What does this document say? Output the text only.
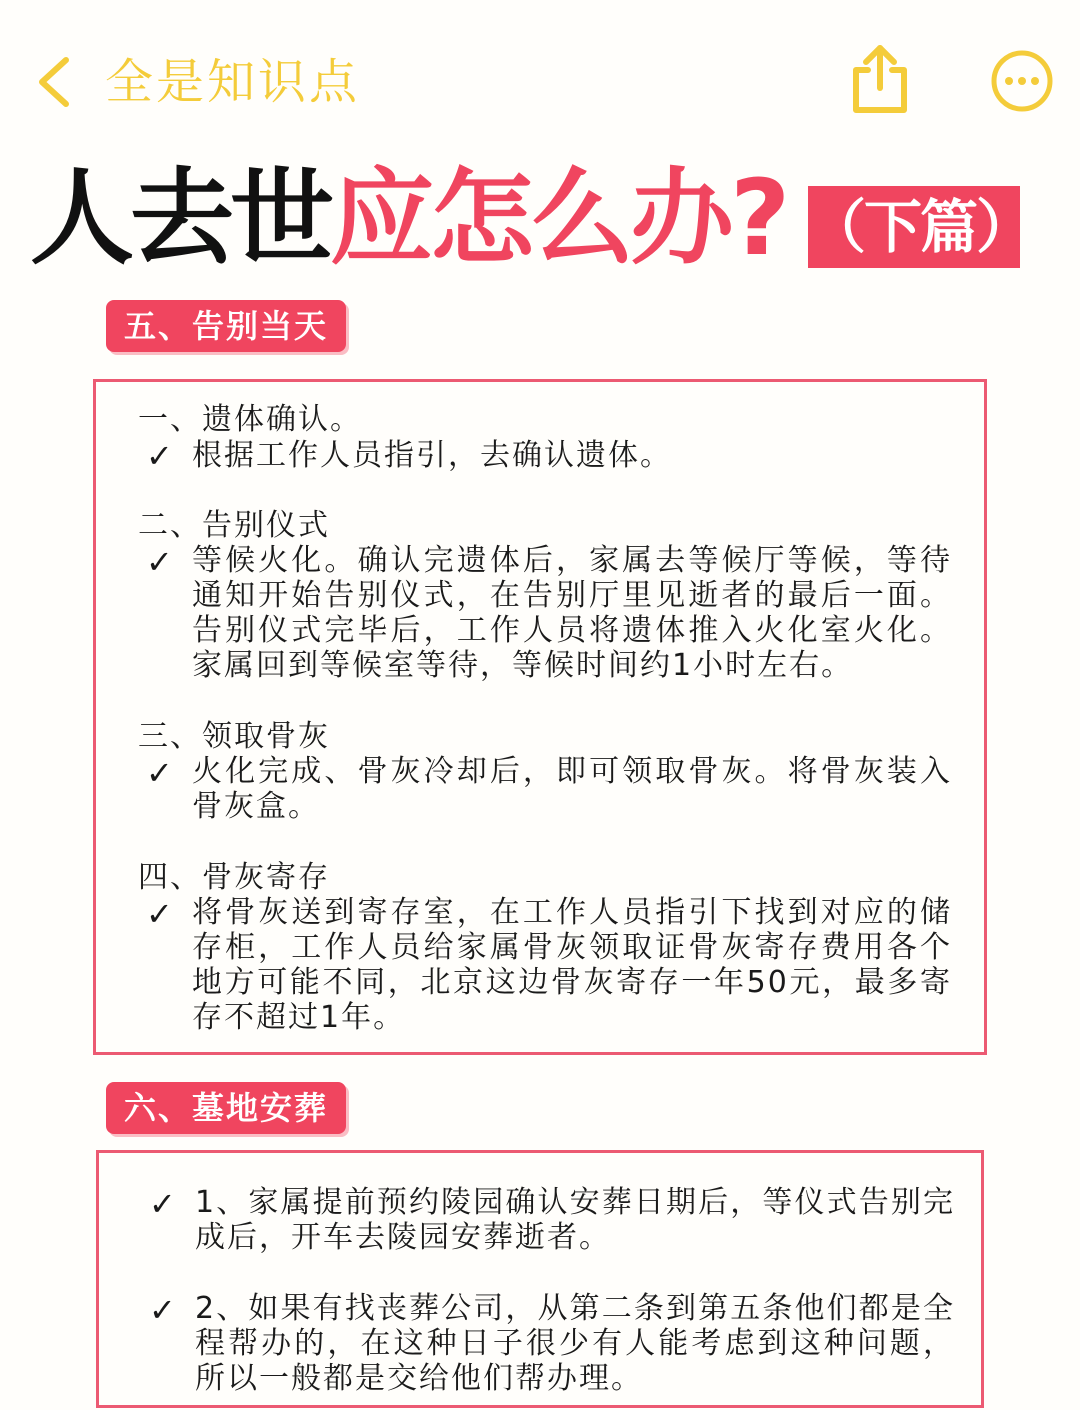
全是知识点
人去世应怎么办? （下篇）
五、告别当天
一、遗体确认。
✓ 根据工作人员指引，去确认遗体。
二、告别仪式
✓ 等候火化。确认完遗体后，家属去等候厅等候，等待通知开始告别仪式，在告别厅里见逝者的最后一面。告别仪式完毕后，工作人员将遗体推入火化室火化。家属回到等候室等待，等候时间约1小时左右。
三、领取骨灰
✓ 火化完成、骨灰冷却后，即可领取骨灰。将骨灰装入骨灰盒。
四、骨灰寄存
✓ 将骨灰送到寄存室，在工作人员指引下找到对应的储存柜，工作人员给家属骨灰领取证骨灰寄存费用各个地方可能不同，北京这边骨灰寄存一年50元，最多寄存不超过1年。
六、墓地安葬
✓ 1、家属提前预约陵园确认安葬日期后，等仪式告别完成后，开车去陵园安葬逝者。
✓ 2、如果有找丧葬公司，从第二条到第五条他们都是全程帮办的，在这种日子很少有人能考虑到这种问题，所以一般都是交给他们帮办理。
